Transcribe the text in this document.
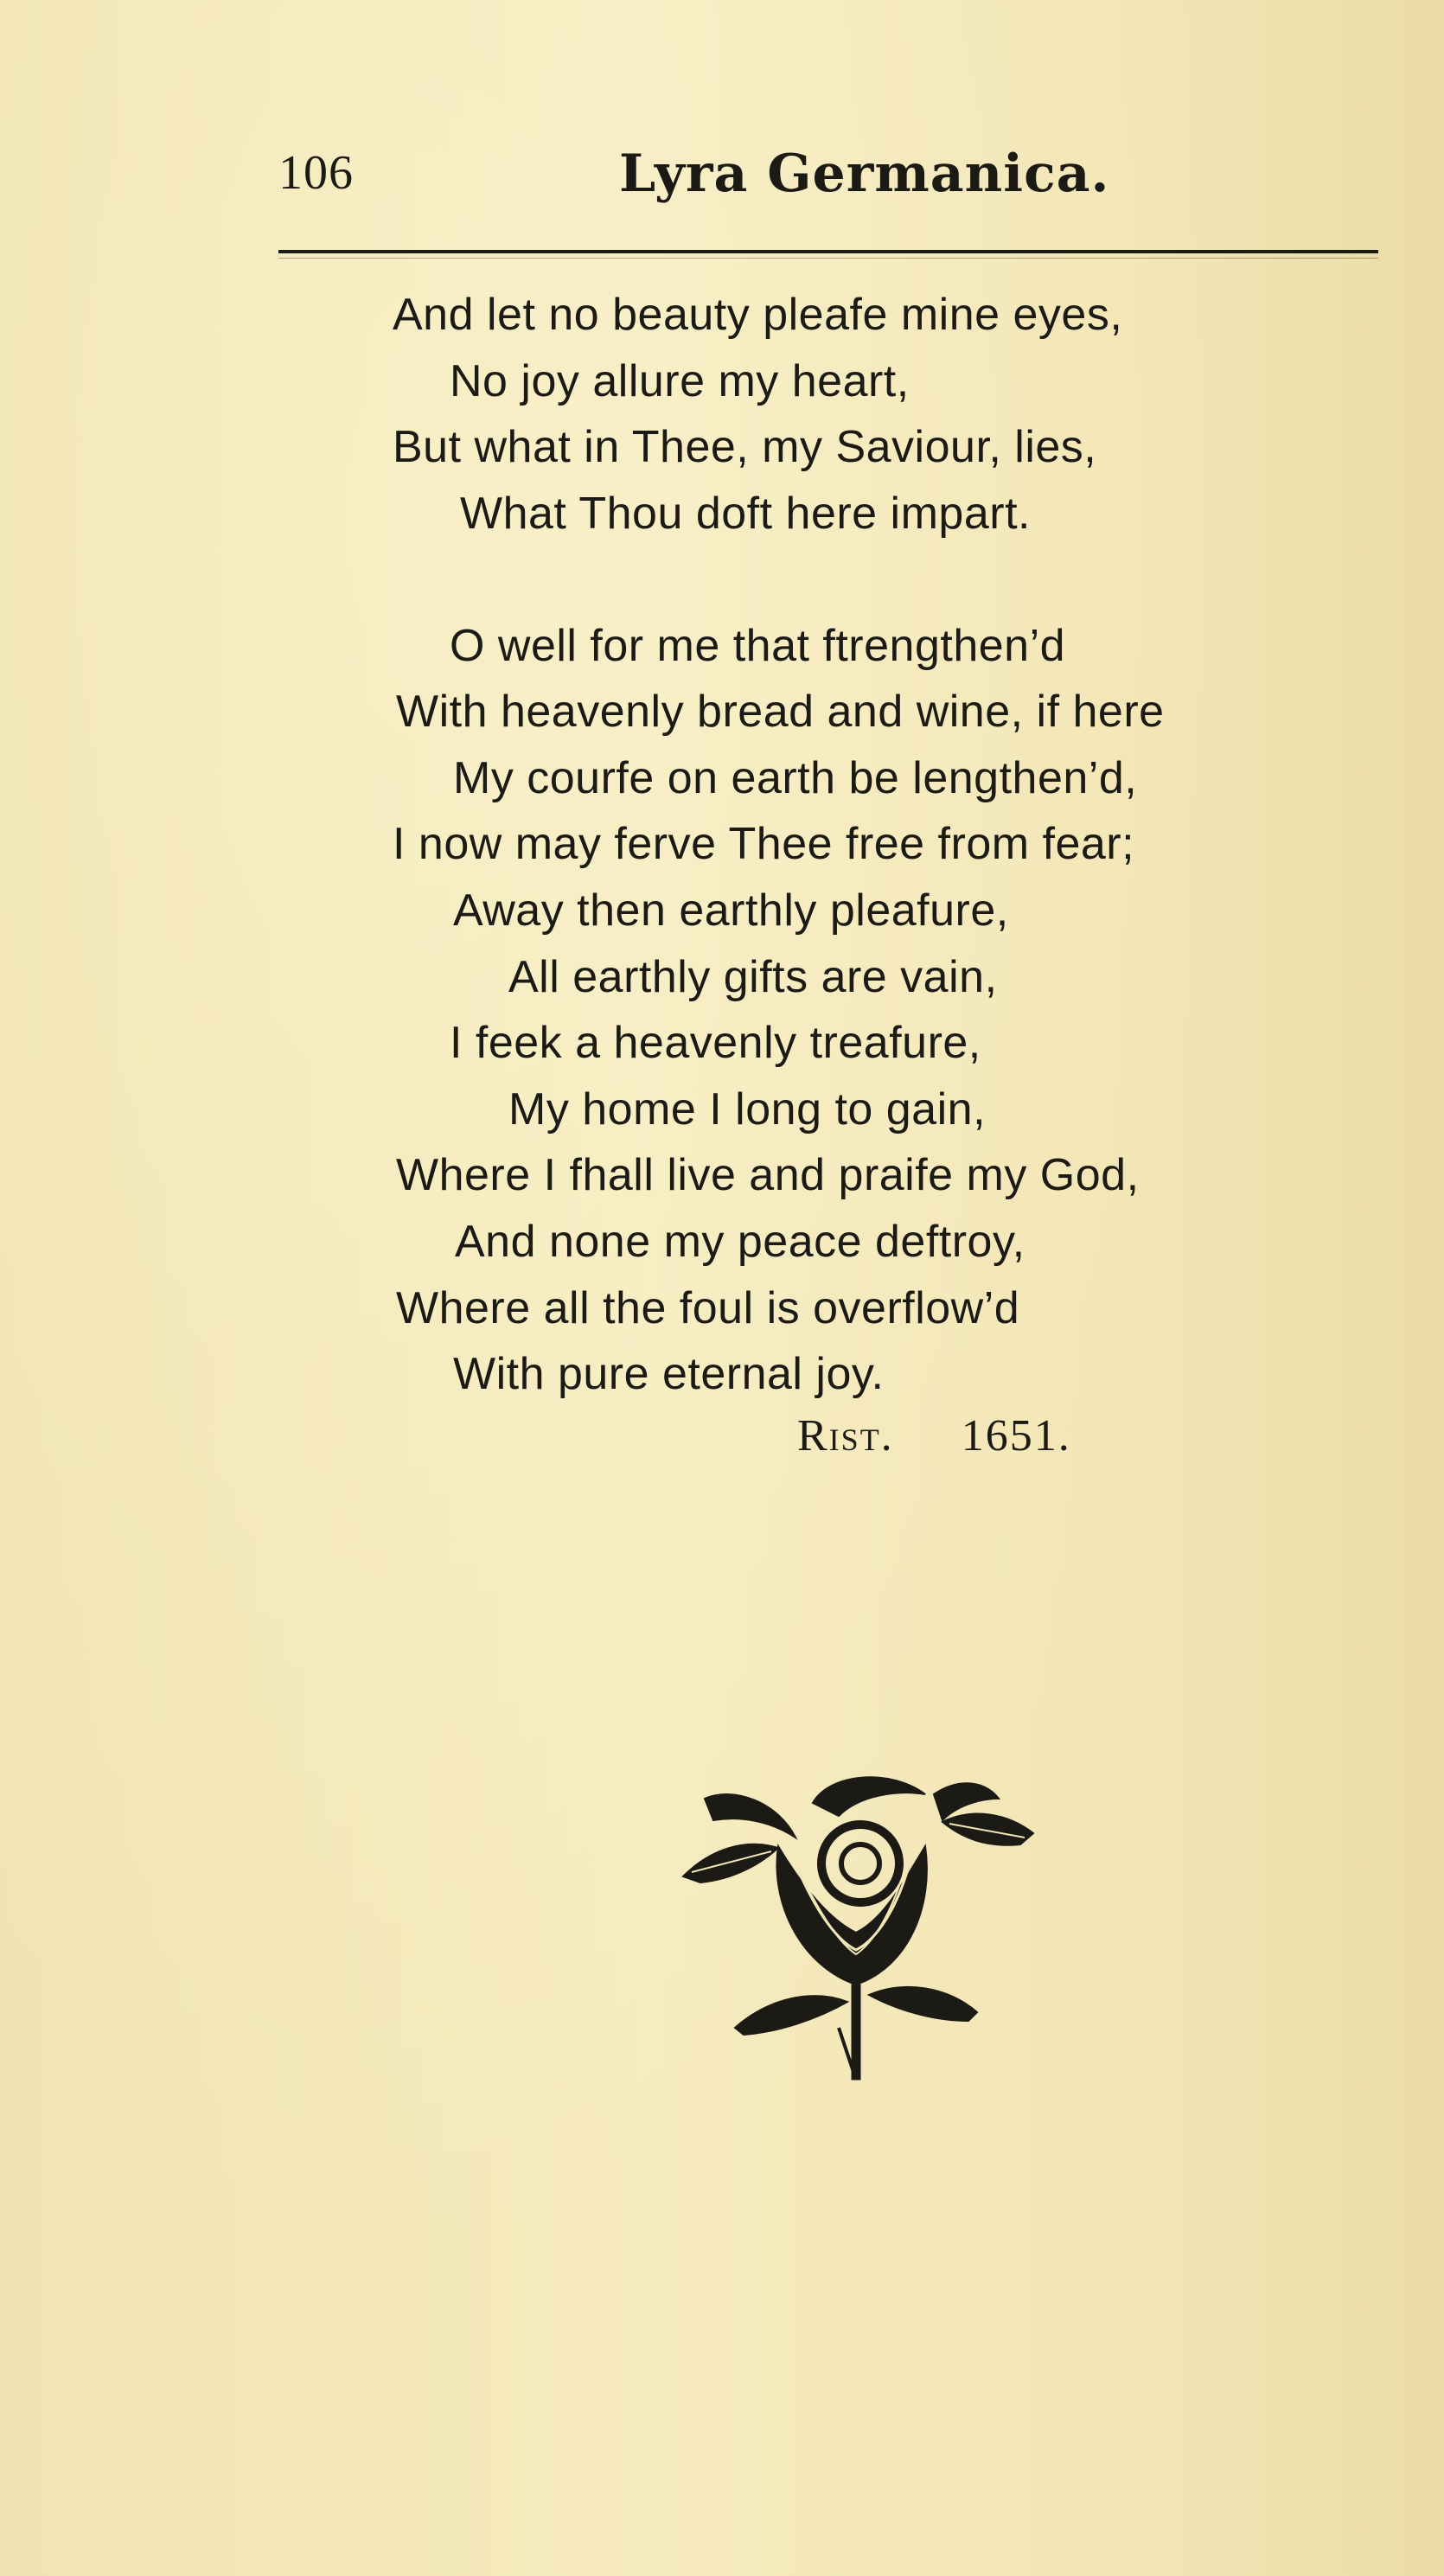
106	Lyra Germanica.
And let no beauty pleafe mine eyes,
No joy allure my heart,
But what in Thee, my Saviour, lies,
What Thou doft here impart.
O well for me that ftrengthen’d
With heavenly bread and wine, if here
My courfe on earth be lengthen’d,
I now may ferve Thee free from fear;
Away then earthly pleafure,
All earthly gifts are vain,
I feek a heavenly treafure,
My home I long to gain,
Where I fhall live and praife my God,
And none my peace deftroy,
Where all the foul is overflow’d
With pure eternal joy.
Rist. 1651.
